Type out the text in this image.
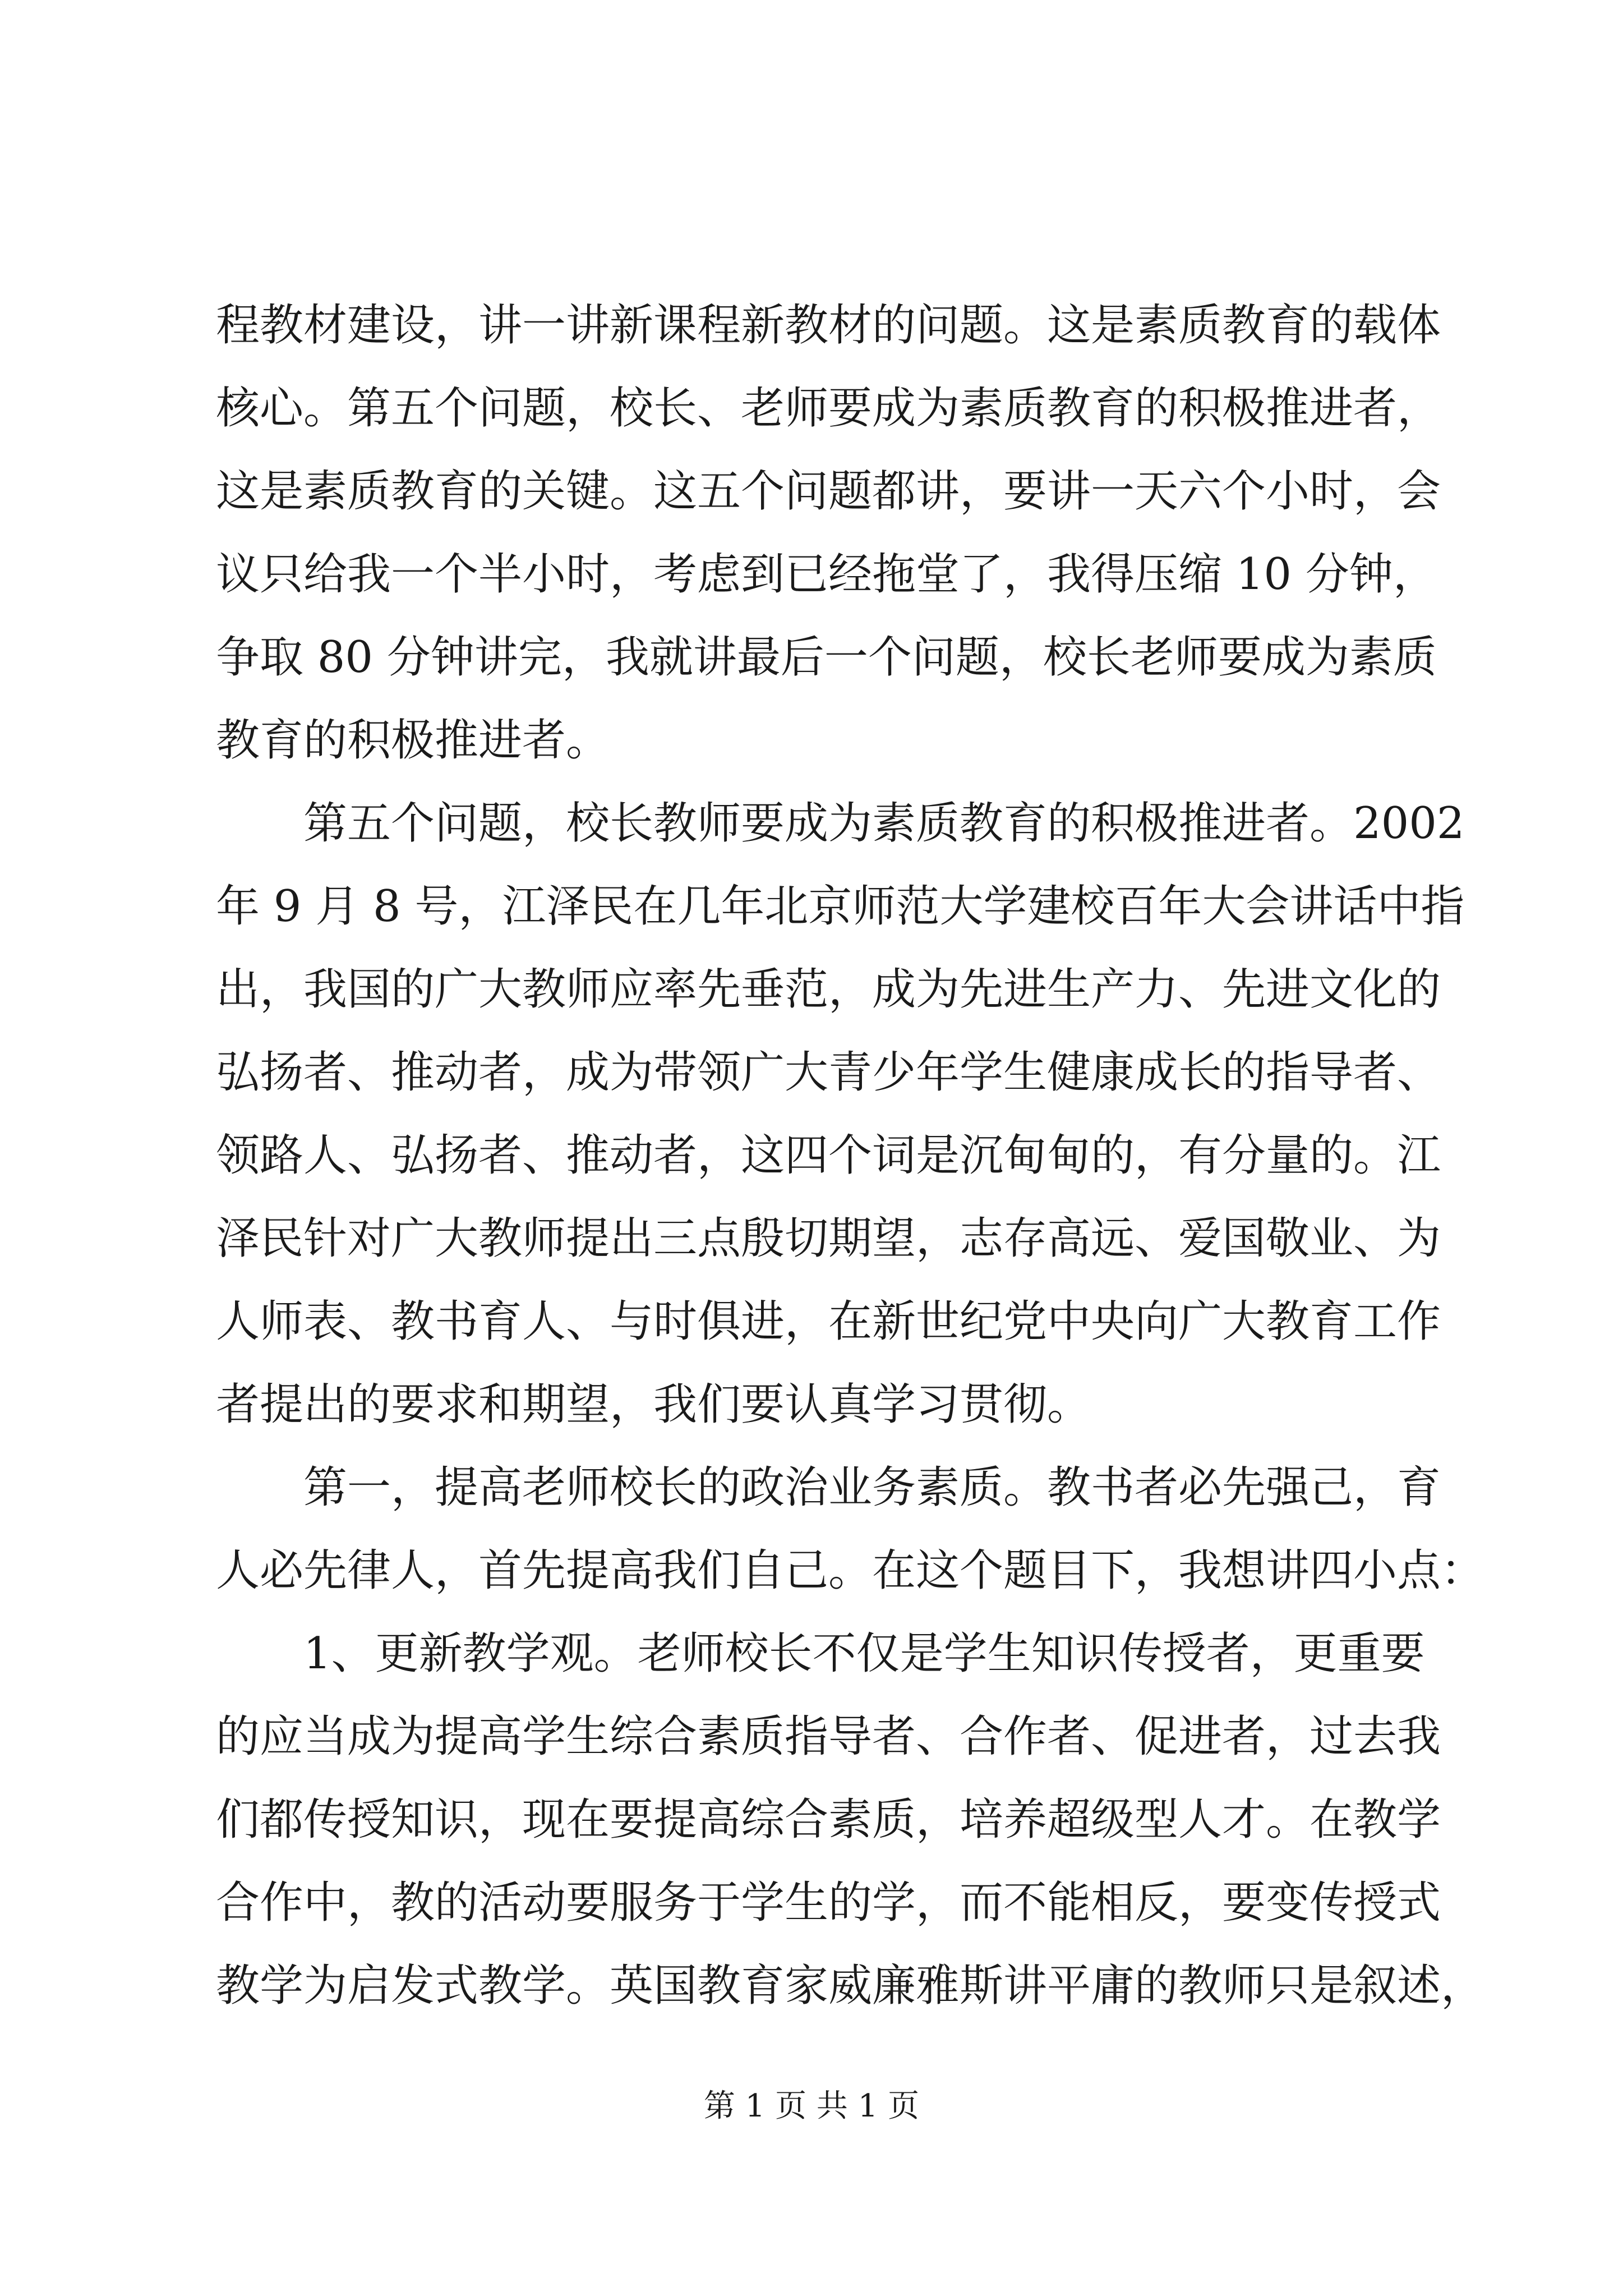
程教材建设，讲一讲新课程新教材的问题。这是素质教育的载体
核心。第五个问题，校长、老师要成为素质教育的积极推进者，
这是素质教育的关键。这五个问题都讲，要讲一天六个小时，会
议只给我一个半小时，考虑到已经拖堂了，我得压缩 10 分钟，
争取 80 分钟讲完，我就讲最后一个问题，校长老师要成为素质
教育的积极推进者。
第五个问题，校长教师要成为素质教育的积极推进者。2002
年 9 月 8 号，江泽民在几年北京师范大学建校百年大会讲话中指
出，我国的广大教师应率先垂范，成为先进生产力、先进文化的
弘扬者、推动者，成为带领广大青少年学生健康成长的指导者、
领路人、弘扬者、推动者，这四个词是沉甸甸的，有分量的。江
泽民针对广大教师提出三点殷切期望，志存高远、爱国敬业、为
人师表、教书育人、与时俱进，在新世纪党中央向广大教育工作
者提出的要求和期望，我们要认真学习贯彻。
第一，提高老师校长的政治业务素质。教书者必先强己，育
人必先律人，首先提高我们自己。在这个题目下，我想讲四小点：
1、更新教学观。老师校长不仅是学生知识传授者，更重要
的应当成为提高学生综合素质指导者、合作者、促进者，过去我
们都传授知识，现在要提高综合素质，培养超级型人才。在教学
合作中，教的活动要服务于学生的学，而不能相反，要变传授式
教学为启发式教学。英国教育家威廉雅斯讲平庸的教师只是叙述，
第 1 页 共 1 页
